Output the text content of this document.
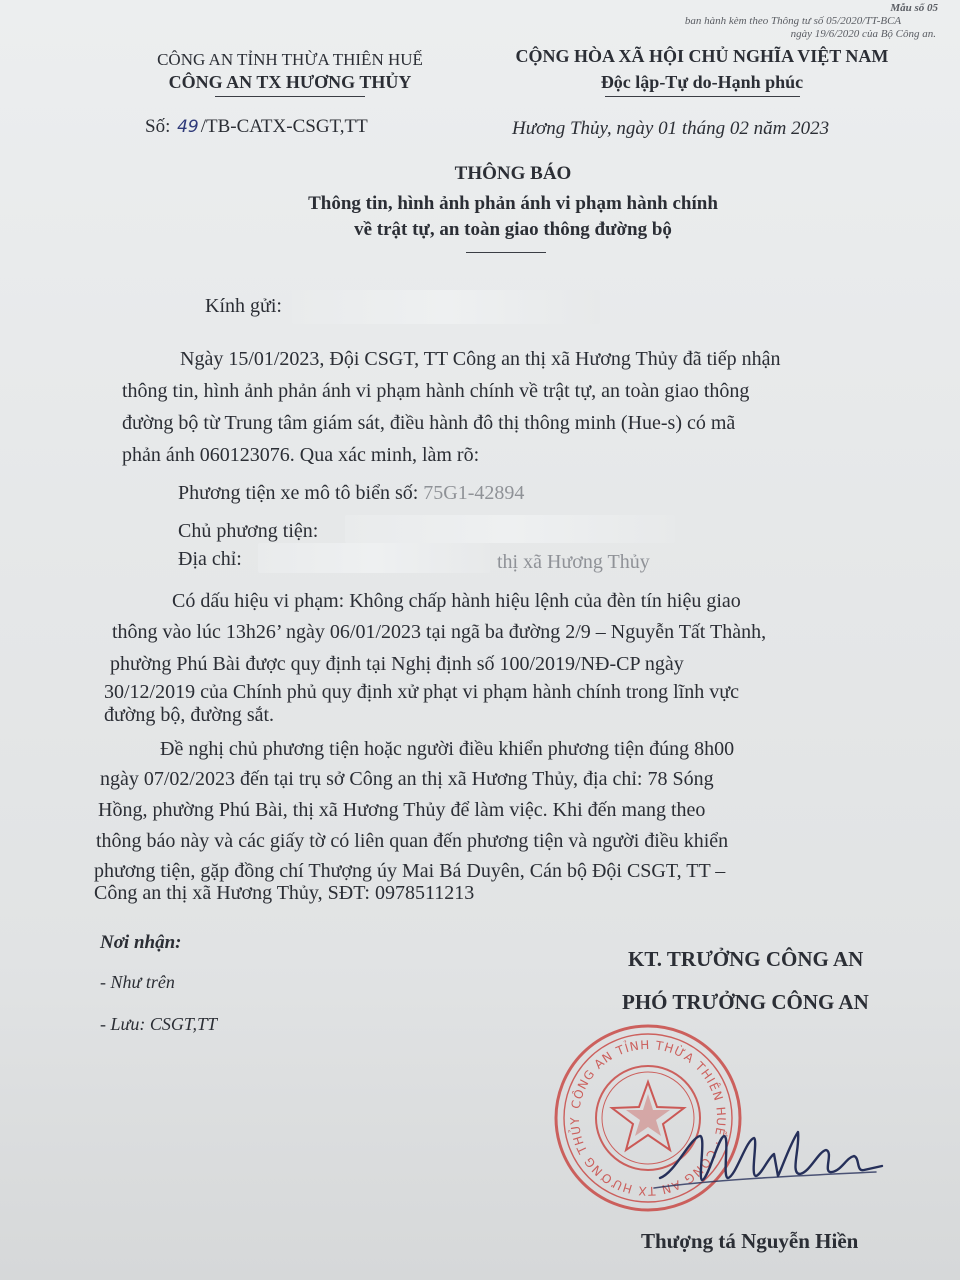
Mẫu số 05
ban hành kèm theo Thông tư số 05/2020/TT-BCA
ngày 19/6/2020 của Bộ Công an.
CÔNG AN TỈNH THỪA THIÊN HUẾ
CÔNG AN TX HƯƠNG THỦY
CỘNG HÒA XÃ HỘI CHỦ NGHĨA VIỆT NAM
Độc lập-Tự do-Hạnh phúc
Số: 49 /TB-CATX-CSGT,TT	Hương Thủy, ngày 01 tháng 02 năm 2023
THÔNG BÁO
Thông tin, hình ảnh phản ánh vi phạm hành chính
về trật tự, an toàn giao thông đường bộ
Kính gửi:
Ngày 15/01/2023, Đội CSGT, TT Công an thị xã Hương Thủy đã tiếp nhận
thông tin, hình ảnh phản ánh vi phạm hành chính về trật tự, an toàn giao thông
đường bộ từ Trung tâm giám sát, điều hành đô thị thông minh (Hue-s) có mã
phản ánh 060123076. Qua xác minh, làm rõ:
Phương tiện xe mô tô biển số: 75G1-42894
Chủ phương tiện:
Địa chỉ:	thị xã Hương Thủy
Có dấu hiệu vi phạm: Không chấp hành hiệu lệnh của đèn tín hiệu giao
thông vào lúc 13h26’ ngày 06/01/2023 tại ngã ba đường 2/9 – Nguyễn Tất Thành,
phường Phú Bài được quy định tại Nghị định số 100/2019/NĐ-CP ngày
30/12/2019 của Chính phủ quy định xử phạt vi phạm hành chính trong lĩnh vực
đường bộ, đường sắt.
Đề nghị chủ phương tiện hoặc người điều khiển phương tiện đúng 8h00
ngày 07/02/2023 đến tại trụ sở Công an thị xã Hương Thủy, địa chỉ: 78 Sóng
Hồng, phường Phú Bài, thị xã Hương Thủy để làm việc. Khi đến mang theo
thông báo này và các giấy tờ có liên quan đến phương tiện và người điều khiển
phương tiện, gặp đồng chí Thượng úy Mai Bá Duyên, Cán bộ Đội CSGT, TT –
Công an thị xã Hương Thủy, SĐT: 0978511213
Nơi nhận:
- Như trên
- Lưu: CSGT,TT
KT. TRƯỞNG CÔNG AN
PHÓ TRƯỞNG CÔNG AN
CÔNG AN TỈNH THỪA THIÊN HUẾ · CÔNG AN TX HƯƠNG THỦY
Thượng tá Nguyễn Hiền
